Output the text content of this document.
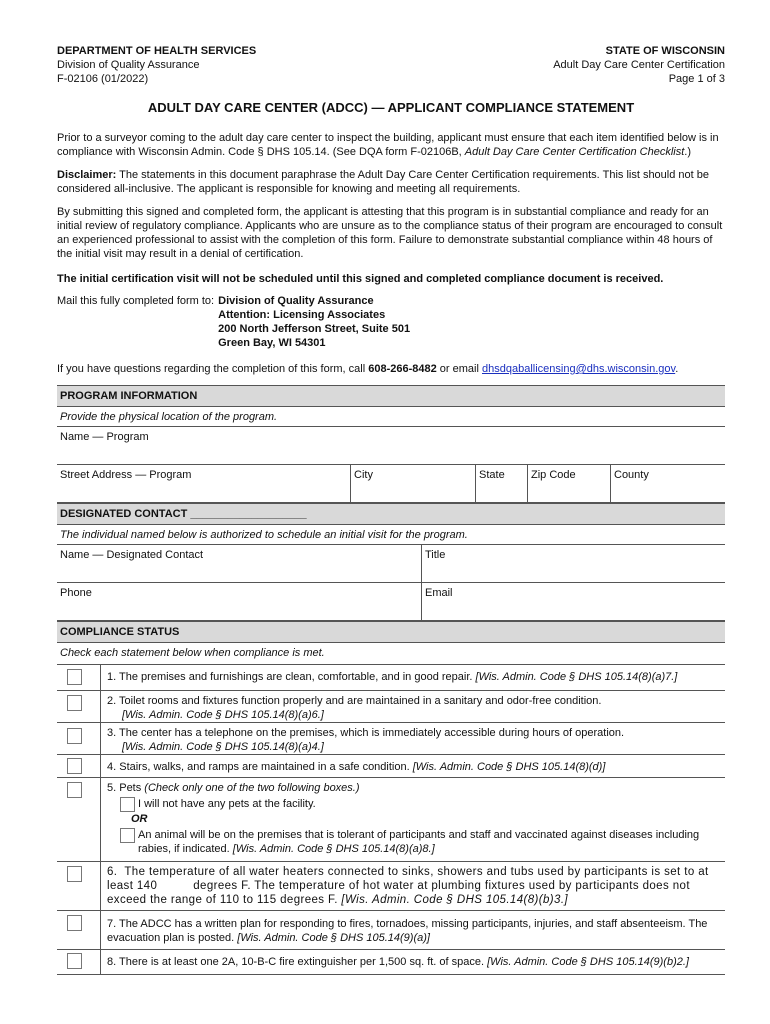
DEPARTMENT OF HEALTH SERVICES
Division of Quality Assurance
F-02106 (01/2022)
STATE OF WISCONSIN
Adult Day Care Center Certification
Page 1 of 3
ADULT DAY CARE CENTER (ADCC) — APPLICANT COMPLIANCE STATEMENT

Prior to a surveyor coming to the adult day care center to inspect the building, applicant must ensure that each item identified below is in compliance with Wisconsin Admin. Code § DHS 105.14. (See DQA form F-02106B, Adult Day Care Center Certification Checklist.)

Disclaimer: The statements in this document paraphrase the Adult Day Care Center Certification requirements. This list should not be considered all-inclusive. The applicant is responsible for knowing and meeting all requirements.

By submitting this signed and completed form, the applicant is attesting that this program is in substantial compliance and ready for an initial review of regulatory compliance. Applicants who are unsure as to the compliance status of their program are encouraged to consult an experienced professional to assist with the completion of this form. Failure to demonstrate substantial compliance within 48 hours of the initial visit may result in a denial of certification.

The initial certification visit will not be scheduled until this signed and completed compliance document is received.

Mail this fully completed form to: Division of Quality Assurance
Attention: Licensing Associates
200 North Jefferson Street, Suite 501
Green Bay, WI 54301

If you have questions regarding the completion of this form, call 608-266-8482 or email dhsdqaballicensing@dhs.wisconsin.gov.

PROGRAM INFORMATION
Provide the physical location of the program.
Name — Program
Street Address — Program	City	State	Zip Code	County
DESIGNATED CONTACT ___________________
The individual named below is authorized to schedule an initial visit for the program.
Name — Designated Contact	Title
Phone	Email
COMPLIANCE STATUS
Check each statement below when compliance is met.
1. The premises and furnishings are clean, comfortable, and in good repair. [Wis. Admin. Code § DHS 105.14(8)(a)7.]
2. Toilet rooms and fixtures function properly and are maintained in a sanitary and odor-free condition.
[Wis. Admin. Code § DHS 105.14(8)(a)6.]
3. The center has a telephone on the premises, which is immediately accessible during hours of operation.
[Wis. Admin. Code § DHS 105.14(8)(a)4.]
4. Stairs, walks, and ramps are maintained in a safe condition. [Wis. Admin. Code § DHS 105.14(8)(d)]
5. Pets (Check only one of the two following boxes.)
I will not have any pets at the facility.
OR
An animal will be on the premises that is tolerant of participants and staff and vaccinated against diseases including rabies, if indicated. [Wis. Admin. Code § DHS 105.14(8)(a)8.]
6.  The temperature of all water heaters connected to sinks, showers and tubs used by participants is set to at least 140          degrees F. The temperature of hot water at plumbing fixtures used by participants does not exceed the range of 110 to 115 degrees F. [Wis. Admin. Code § DHS 105.14(8)(b)3.]
7. The ADCC has a written plan for responding to fires, tornadoes, missing participants, injuries, and staff absenteeism. The evacuation plan is posted. [Wis. Admin. Code § DHS 105.14(9)(a)]
8. There is at least one 2A, 10-B-C fire extinguisher per 1,500 sq. ft. of space. [Wis. Admin. Code § DHS 105.14(9)(b)2.]
